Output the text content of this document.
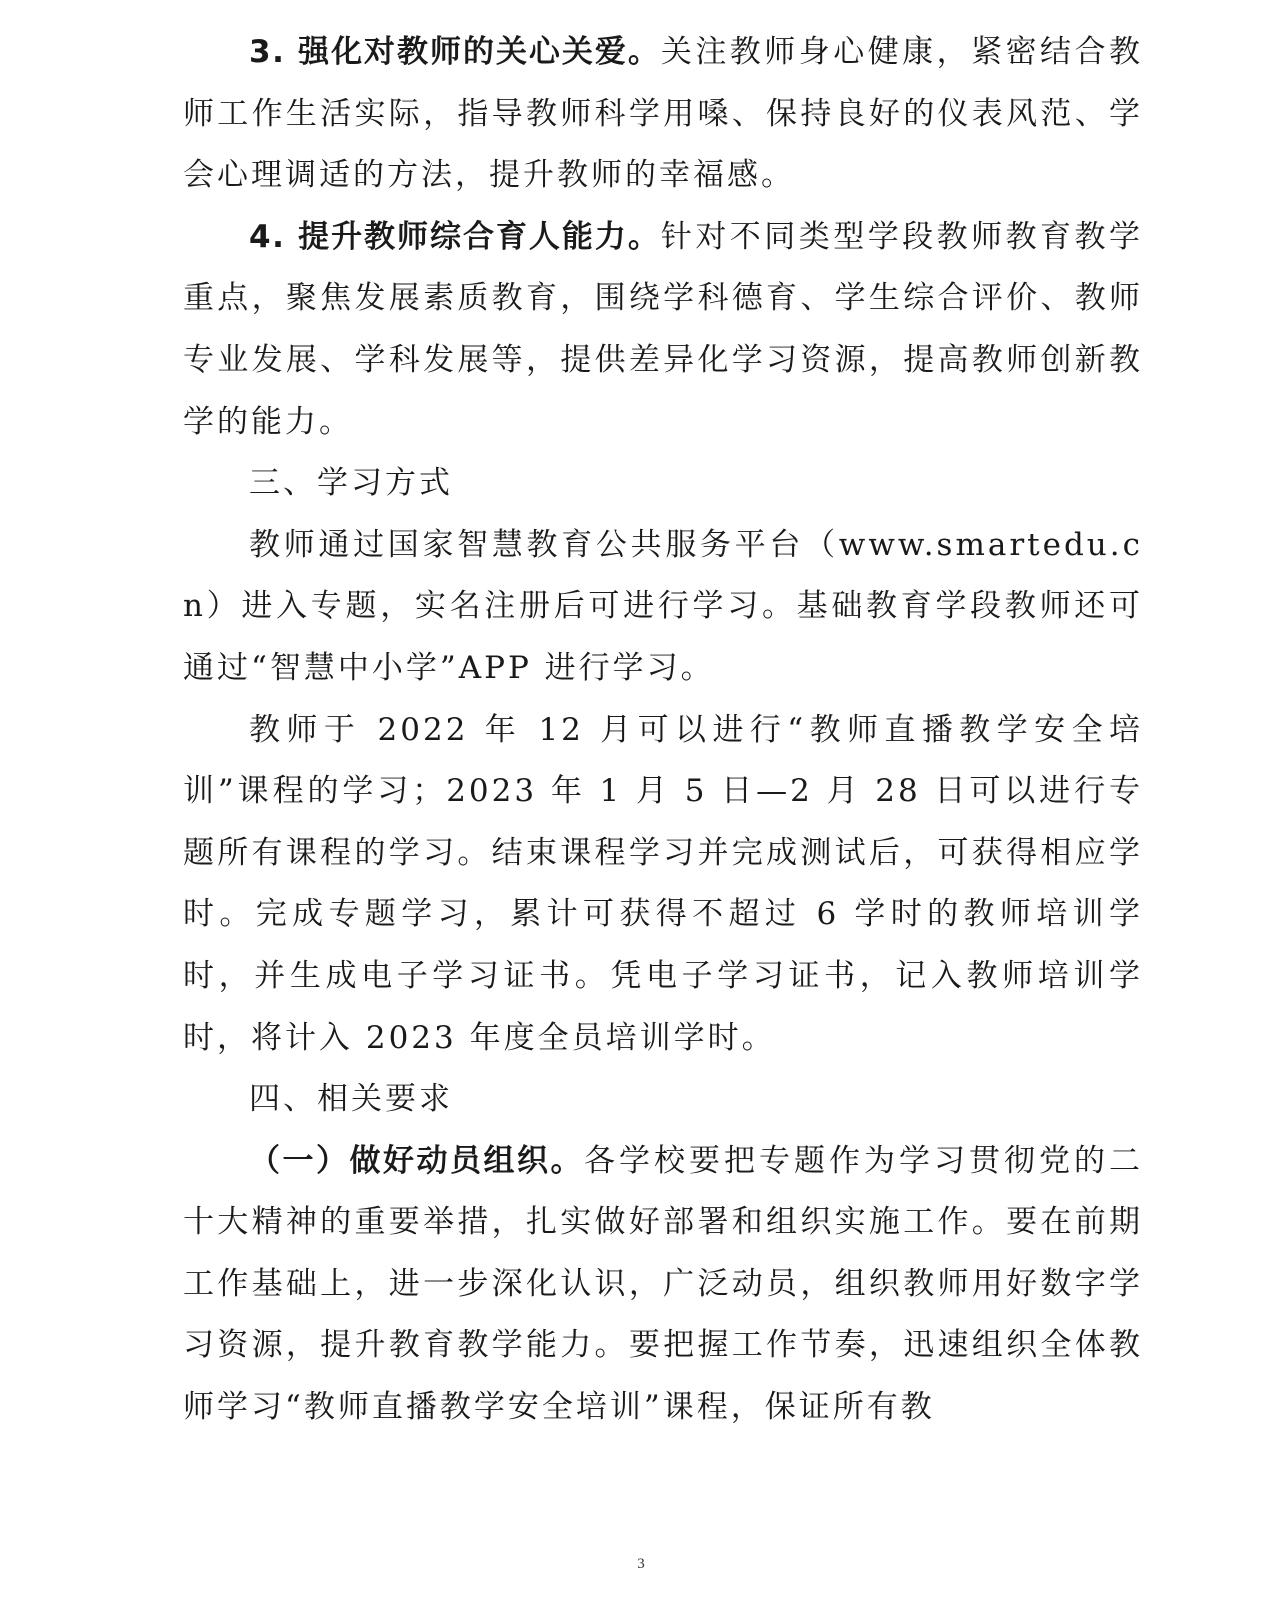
3. 强化对教师的关心关爱。关注教师身心健康，紧密结合教师工作生活实际，指导教师科学用嗓、保持良好的仪表风范、学会心理调适的方法，提升教师的幸福感。

4. 提升教师综合育人能力。针对不同类型学段教师教育教学重点，聚焦发展素质教育，围绕学科德育、学生综合评价、教师专业发展、学科发展等，提供差异化学习资源，提高教师创新教学的能力。

三、学习方式

教师通过国家智慧教育公共服务平台（www.smartedu.cn）进入专题，实名注册后可进行学习。基础教育学段教师还可通过“智慧中小学”APP 进行学习。

教师于 2022 年 12 月可以进行“教师直播教学安全培训”课程的学习；2023 年 1 月 5 日—2 月 28 日可以进行专题所有课程的学习。结束课程学习并完成测试后，可获得相应学时。完成专题学习，累计可获得不超过 6 学时的教师培训学时，并生成电子学习证书。凭电子学习证书，记入教师培训学时，将计入 2023 年度全员培训学时。

四、相关要求

（一）做好动员组织。各学校要把专题作为学习贯彻党的二十大精神的重要举措，扎实做好部署和组织实施工作。要在前期工作基础上，进一步深化认识，广泛动员，组织教师用好数字学习资源，提升教育教学能力。要把握工作节奏，迅速组织全体教师学习“教师直播教学安全培训”课程，保证所有教

3
